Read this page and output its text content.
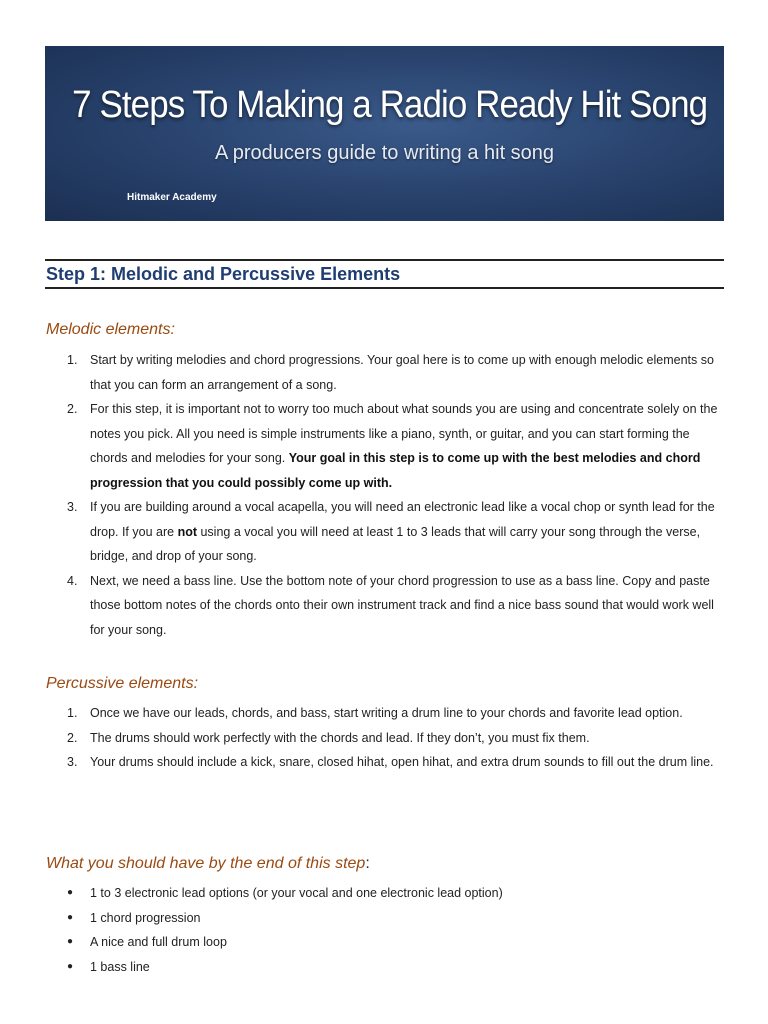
7 Steps To Making a Radio Ready Hit Song
A producers guide to writing a hit song
Hitmaker Academy
Step 1: Melodic and Percussive Elements
Melodic elements:
1. Start by writing melodies and chord progressions. Your goal here is to come up with enough melodic elements so that you can form an arrangement of a song.
2. For this step, it is important not to worry too much about what sounds you are using and concentrate solely on the notes you pick. All you need is simple instruments like a piano, synth, or guitar, and you can start forming the chords and melodies for your song. Your goal in this step is to come up with the best melodies and chord progression that you could possibly come up with.
3. If you are building around a vocal acapella, you will need an electronic lead like a vocal chop or synth lead for the drop. If you are not using a vocal you will need at least 1 to 3 leads that will carry your song through the verse, bridge, and drop of your song.
4. Next, we need a bass line. Use the bottom note of your chord progression to use as a bass line. Copy and paste those bottom notes of the chords onto their own instrument track and find a nice bass sound that would work well for your song.
Percussive elements:
1. Once we have our leads, chords, and bass, start writing a drum line to your chords and favorite lead option.
2. The drums should work perfectly with the chords and lead. If they don’t, you must fix them.
3. Your drums should include a kick, snare, closed hihat, open hihat, and extra drum sounds to fill out the drum line.
What you should have by the end of this step:
● 1 to 3 electronic lead options (or your vocal and one electronic lead option)
● 1 chord progression
● A nice and full drum loop
● 1 bass line
